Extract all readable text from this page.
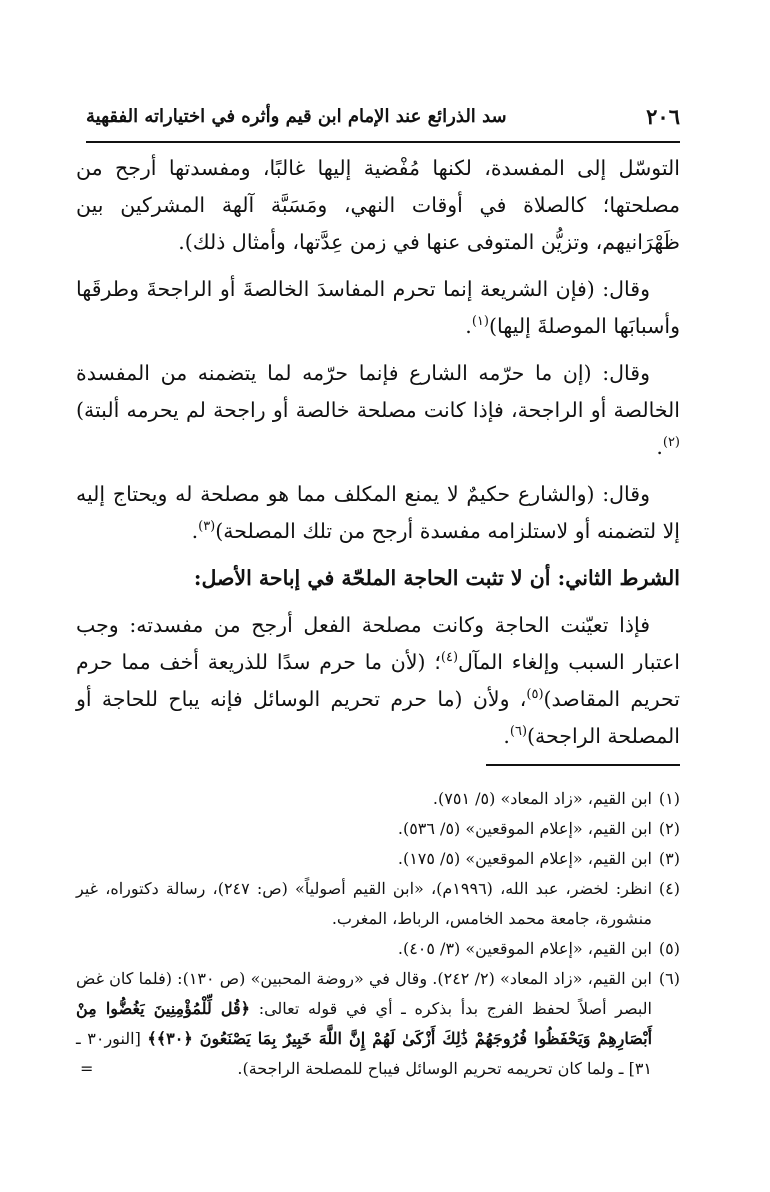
٢٠٦
سد الذرائع عند الإمام ابن قيم وأثره في اختياراته الفقهية

التوسّل إلى المفسدة، لكنها مُفْضية إليها غالبًا، ومفسدتها أرجح من مصلحتها؛ كالصلاة في أوقات النهي، ومَسَبَّة آلهة المشركين بين ظَهْرَانيهم، وتزيُّن المتوفى عنها في زمن عِدَّتها، وأمثال ذلك).

وقال: (فإن الشريعة إنما تحرم المفاسدَ الخالصةَ أو الراجحةَ وطرقَها وأسبابَها الموصلةَ إليها)$^{(١)}$.

وقال: (إن ما حرّمه الشارع فإنما حرّمه لما يتضمنه من المفسدة الخالصة أو الراجحة، فإذا كانت مصلحة خالصة أو راجحة لم يحرمه ألبتة)$^{(٢)}$.

وقال: (والشارع حكيمٌ لا يمنع المكلف مما هو مصلحة له ويحتاج إليه إلا لتضمنه أو لاستلزامه مفسدة أرجح من تلك المصلحة)$^{(٣)}$.

الشرط الثاني: أن لا تثبت الحاجة الملحّة في إباحة الأصل:

فإذا تعيّنت الحاجة وكانت مصلحة الفعل أرجح من مفسدته: وجب اعتبار السبب وإلغاء المآل$^{(٤)}$؛ (لأن ما حرم سدًا للذريعة أخف مما حرم تحريم المقاصد)$^{(٥)}$، ولأن (ما حرم تحريم الوسائل فإنه يباح للحاجة أو المصلحة الراجحة)$^{(٦)}$.

(١)
ابن القيم، «زاد المعاد» (٥/ ٧٥١).
(٢)
ابن القيم، «إعلام الموقعين» (٥/ ٥٣٦).
(٣)
ابن القيم، «إعلام الموقعين» (٥/ ١٧٥).
(٤)
انظر: لخضر، عبد الله، (١٩٩٦م)، «ابن القيم أصولياً» (ص: ٢٤٧)، رسالة دكتوراه، غير منشورة، جامعة محمد الخامس، الرباط، المغرب.
(٥)
ابن القيم، «إعلام الموقعين» (٣/ ٤٠٥).
(٦)
ابن القيم، «زاد المعاد» (٢/ ٢٤٢). وقال في «روضة المحبين» (ص ١٣٠): (فلما كان غض البصر أصلاً لحفظ الفرج بدأ بذكره ـ أي في قوله تعالى: ﴿قُل لِّلْمُؤْمِنِينَ يَغُضُّوا مِنْ أَبْصَارِهِمْ وَيَحْفَظُوا فُرُوجَهُمْ ذَٰلِكَ أَزْكَىٰ لَهُمْ إِنَّ اللَّهَ خَبِيرٌ بِمَا يَصْنَعُونَ ﴿٣٠﴾﴾ [النور٣٠ ـ ٣١] ـ ولما كان تحريمه تحريم الوسائل فيباح للمصلحة الراجحة).
=
